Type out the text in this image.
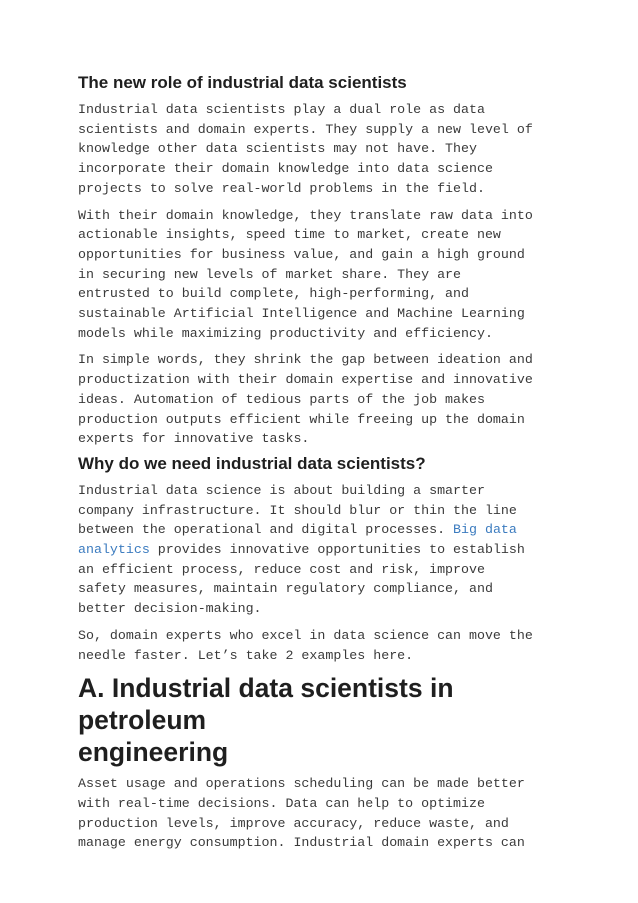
The new role of industrial data scientists

Industrial data scientists play a dual role as data
scientists and domain experts. They supply a new level of
knowledge other data scientists may not have. They
incorporate their domain knowledge into data science
projects to solve real-world problems in the field.

With their domain knowledge, they translate raw data into
actionable insights, speed time to market, create new
opportunities for business value, and gain a high ground
in securing new levels of market share. They are
entrusted to build complete, high-performing, and
sustainable Artificial Intelligence and Machine Learning
models while maximizing productivity and efficiency.

In simple words, they shrink the gap between ideation and
productization with their domain expertise and innovative
ideas. Automation of tedious parts of the job makes
production outputs efficient while freeing up the domain
experts for innovative tasks.

Why do we need industrial data scientists?

Industrial data science is about building a smarter
company infrastructure. It should blur or thin the line
between the operational and digital processes. Big data
analytics provides innovative opportunities to establish
an efficient process, reduce cost and risk, improve
safety measures, maintain regulatory compliance, and
better decision-making.

So, domain experts who excel in data science can move the
needle faster. Let’s take 2 examples here.

A. Industrial data scientists in petroleum
engineering

Asset usage and operations scheduling can be made better
with real-time decisions. Data can help to optimize
production levels, improve accuracy, reduce waste, and
manage energy consumption. Industrial domain experts can
